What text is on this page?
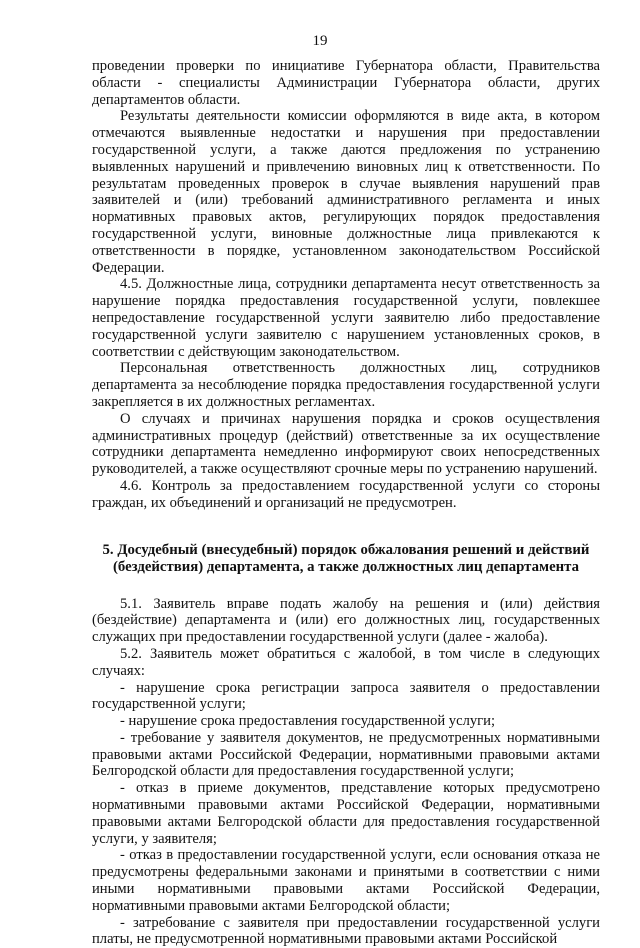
19

проведении проверки по инициативе Губернатора области, Правительства области - специалисты Администрации Губернатора области, других департаментов области.

Результаты деятельности комиссии оформляются в виде акта, в котором отмечаются выявленные недостатки и нарушения при предоставлении государственной услуги, а также даются предложения по устранению выявленных нарушений и привлечению виновных лиц к ответственности. По результатам проведенных проверок в случае выявления нарушений прав заявителей и (или) требований административного регламента и иных нормативных правовых актов, регулирующих порядок предоставления государственной услуги, виновные должностные лица привлекаются к ответственности в порядке, установленном законодательством Российской Федерации.

4.5. Должностные лица, сотрудники департамента несут ответственность за нарушение порядка предоставления государственной услуги, повлекшее непредоставление государственной услуги заявителю либо предоставление государственной услуги заявителю с нарушением установленных сроков, в соответствии с действующим законодательством.

Персональная ответственность должностных лиц, сотрудников департамента за несоблюдение порядка предоставления государственной услуги закрепляется в их должностных регламентах.

О случаях и причинах нарушения порядка и сроков осуществления административных процедур (действий) ответственные за их осуществление сотрудники департамента немедленно информируют своих непосредственных руководителей, а также осуществляют срочные меры по устранению нарушений.

4.6. Контроль за предоставлением государственной услуги со стороны граждан, их объединений и организаций не предусмотрен.

5. Досудебный (внесудебный) порядок обжалования решений и действий (бездействия) департамента, а также должностных лиц департамента

5.1. Заявитель вправе подать жалобу на решения и (или) действия (бездействие) департамента и (или) его должностных лиц, государственных служащих при предоставлении государственной услуги (далее - жалоба).

5.2. Заявитель может обратиться с жалобой, в том числе в следующих случаях:

- нарушение срока регистрации запроса заявителя о предоставлении государственной услуги;

- нарушение срока предоставления государственной услуги;

- требование у заявителя документов, не предусмотренных нормативными правовыми актами Российской Федерации, нормативными правовыми актами Белгородской области для предоставления государственной услуги;

- отказ в приеме документов, представление которых предусмотрено нормативными правовыми актами Российской Федерации, нормативными правовыми актами Белгородской области для предоставления государственной услуги, у заявителя;

- отказ в предоставлении государственной услуги, если основания отказа не предусмотрены федеральными законами и принятыми в соответствии с ними иными нормативными правовыми актами Российской Федерации, нормативными правовыми актами Белгородской области;

- затребование с заявителя при предоставлении государственной услуги платы, не предусмотренной нормативными правовыми актами Российской
